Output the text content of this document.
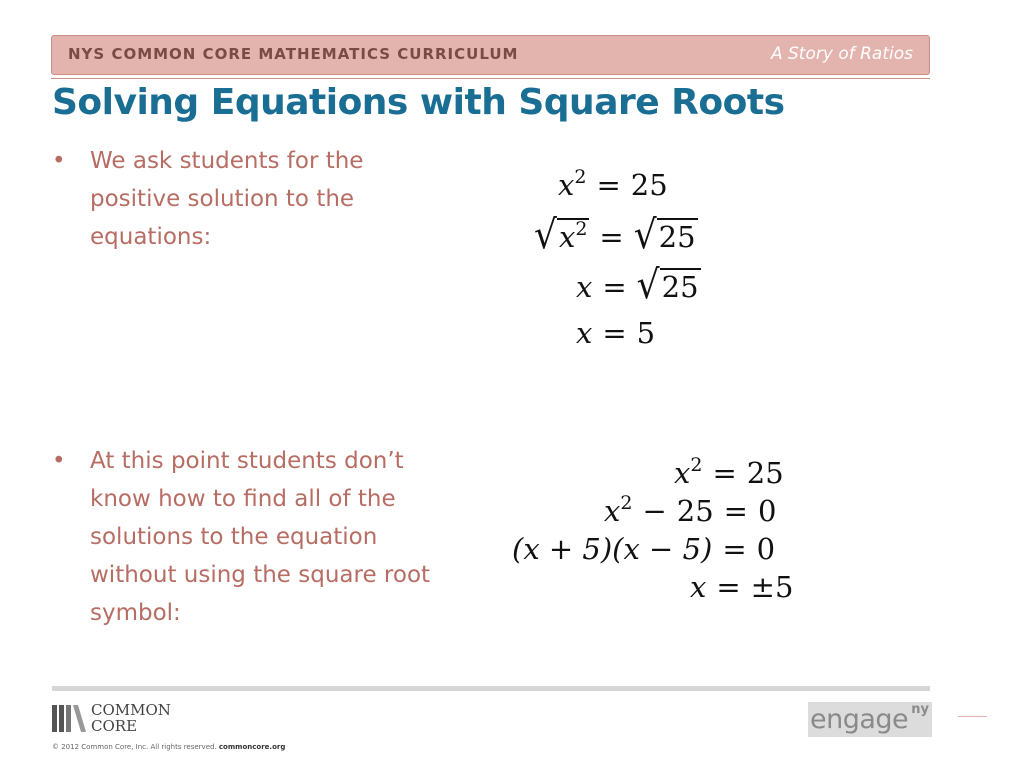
NYS COMMON CORE MATHEMATICS CURRICULUM	A Story of Ratios
Solving Equations with Square Roots
• We ask students for the positive solution to the equations:
• At this point students don’t know how to find all of the solutions to the equation without using the square root symbol:
x 2 = 25
√ $x^2$ = √ 25
x = √ 25
x = 5
x 2 = 25
x 2 − 25 = 0
(x + 5)(x − 5) = 0
x = ± 5
COMMON
CORE
© 2012 Common Core, Inc. All rights reserved. commoncore.org
engage ny
